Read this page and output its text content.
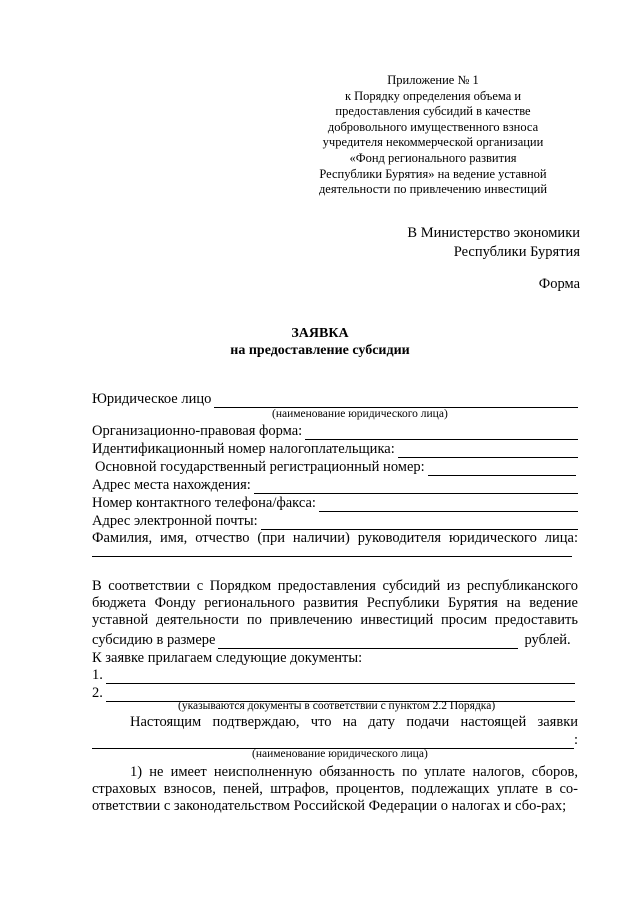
Приложение № 1
к Порядку определения объема и
предоставления субсидий в качестве
добровольного имущественного взноса
учредителя некоммерческой организации
«Фонд регионального развития
Республики Бурятия» на ведение уставной
деятельности по привлечению инвестиций
В Министерство экономики
Республики Бурятия
Форма
ЗАЯВКА
на предоставление субсидии
Юридическое лицо
(наименование юридического лица)
Организационно-правовая форма:
Идентификационный номер налогоплательщика:
Основной государственный регистрационный номер:
Адрес места нахождения:
Номер контактного телефона/факса:
Адрес электронной почты:
Фамилия, имя, отчество (при наличии) руководителя юридического лица:
В соответствии с Порядком предоставления субсидий из республиканского бюджета Фонду регионального развития Республики Бурятия на ведение уставной деятельности по привлечению инвестиций просим предоставить
субсидию в размере	рублей.
К заявке прилагаем следующие документы:
1.
2.
(указываются документы в соответствии с пунктом 2.2 Порядка)
Настоящим подтверждаю, что на дату подачи настоящей заявки
:
(наименование юридического лица)
1) не имеет неисполненную обязанность по уплате налогов, сборов, страховых взносов, пеней, штрафов, процентов, подлежащих уплате в со-ответствии с законодательством Российской Федерации о налогах и сбо-рах;
